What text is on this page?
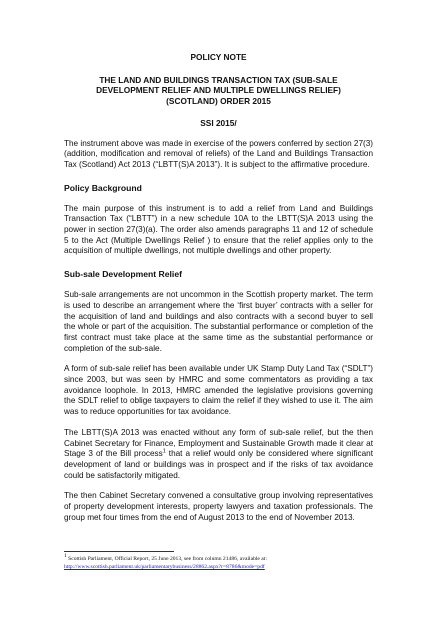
POLICY NOTE
THE LAND AND BUILDINGS TRANSACTION TAX (SUB-SALE
DEVELOPMENT RELIEF AND MULTIPLE DWELLINGS RELIEF)
(SCOTLAND) ORDER 2015
SSI 2015/

The instrument above was made in exercise of the powers conferred by section 27(3) (addition, modification and removal of reliefs) of the Land and Buildings Transaction Tax (Scotland) Act 2013 (“LBTT(S)A 2013”). It is subject to the affirmative procedure.

Policy Background

The main purpose of this instrument is to add a relief from Land and Buildings Transaction Tax (“LBTT”) in a new schedule 10A to the LBTT(S)A 2013 using the power in section 27(3)(a). The order also amends paragraphs 11 and 12 of schedule 5 to the Act (Multiple Dwellings Relief ) to ensure that the relief applies only to the acquisition of multiple dwellings, not multiple dwellings and other property.

Sub-sale Development Relief

Sub-sale arrangements are not uncommon in the Scottish property market. The term is used to describe an arrangement where the ‘first buyer’ contracts with a seller for the acquisition of land and buildings and also contracts with a second buyer to sell the whole or part of the acquisition. The substantial performance or completion of the first contract must take place at the same time as the substantial performance or completion of the sub-sale.

A form of sub-sale relief has been available under UK Stamp Duty Land Tax (“SDLT”) since 2003, but was seen by HMRC and some commentators as providing a tax avoidance loophole. In 2013, HMRC amended the legislative provisions governing the SDLT relief to oblige taxpayers to claim the relief if they wished to use it. The aim was to reduce opportunities for tax avoidance.

The LBTT(S)A 2013 was enacted without any form of sub-sale relief, but the then Cabinet Secretary for Finance, Employment and Sustainable Growth made it clear at Stage 3 of the Bill process$^1$ that a relief would only be considered where significant development of land or buildings was in prospect and if the risks of tax avoidance could be satisfactorily mitigated.

The then Cabinet Secretary convened a consultative group involving representatives of property development interests, property lawyers and taxation professionals. The group met four times from the end of August 2013 to the end of November 2013.

$^1$ Scottish Parliament, Official Report, 25 June 2013, see from column 21486, available at:
http://www.scottish.parliament.uk/parliamentarybusiness/28862.aspx?r=8786&mode=pdf
